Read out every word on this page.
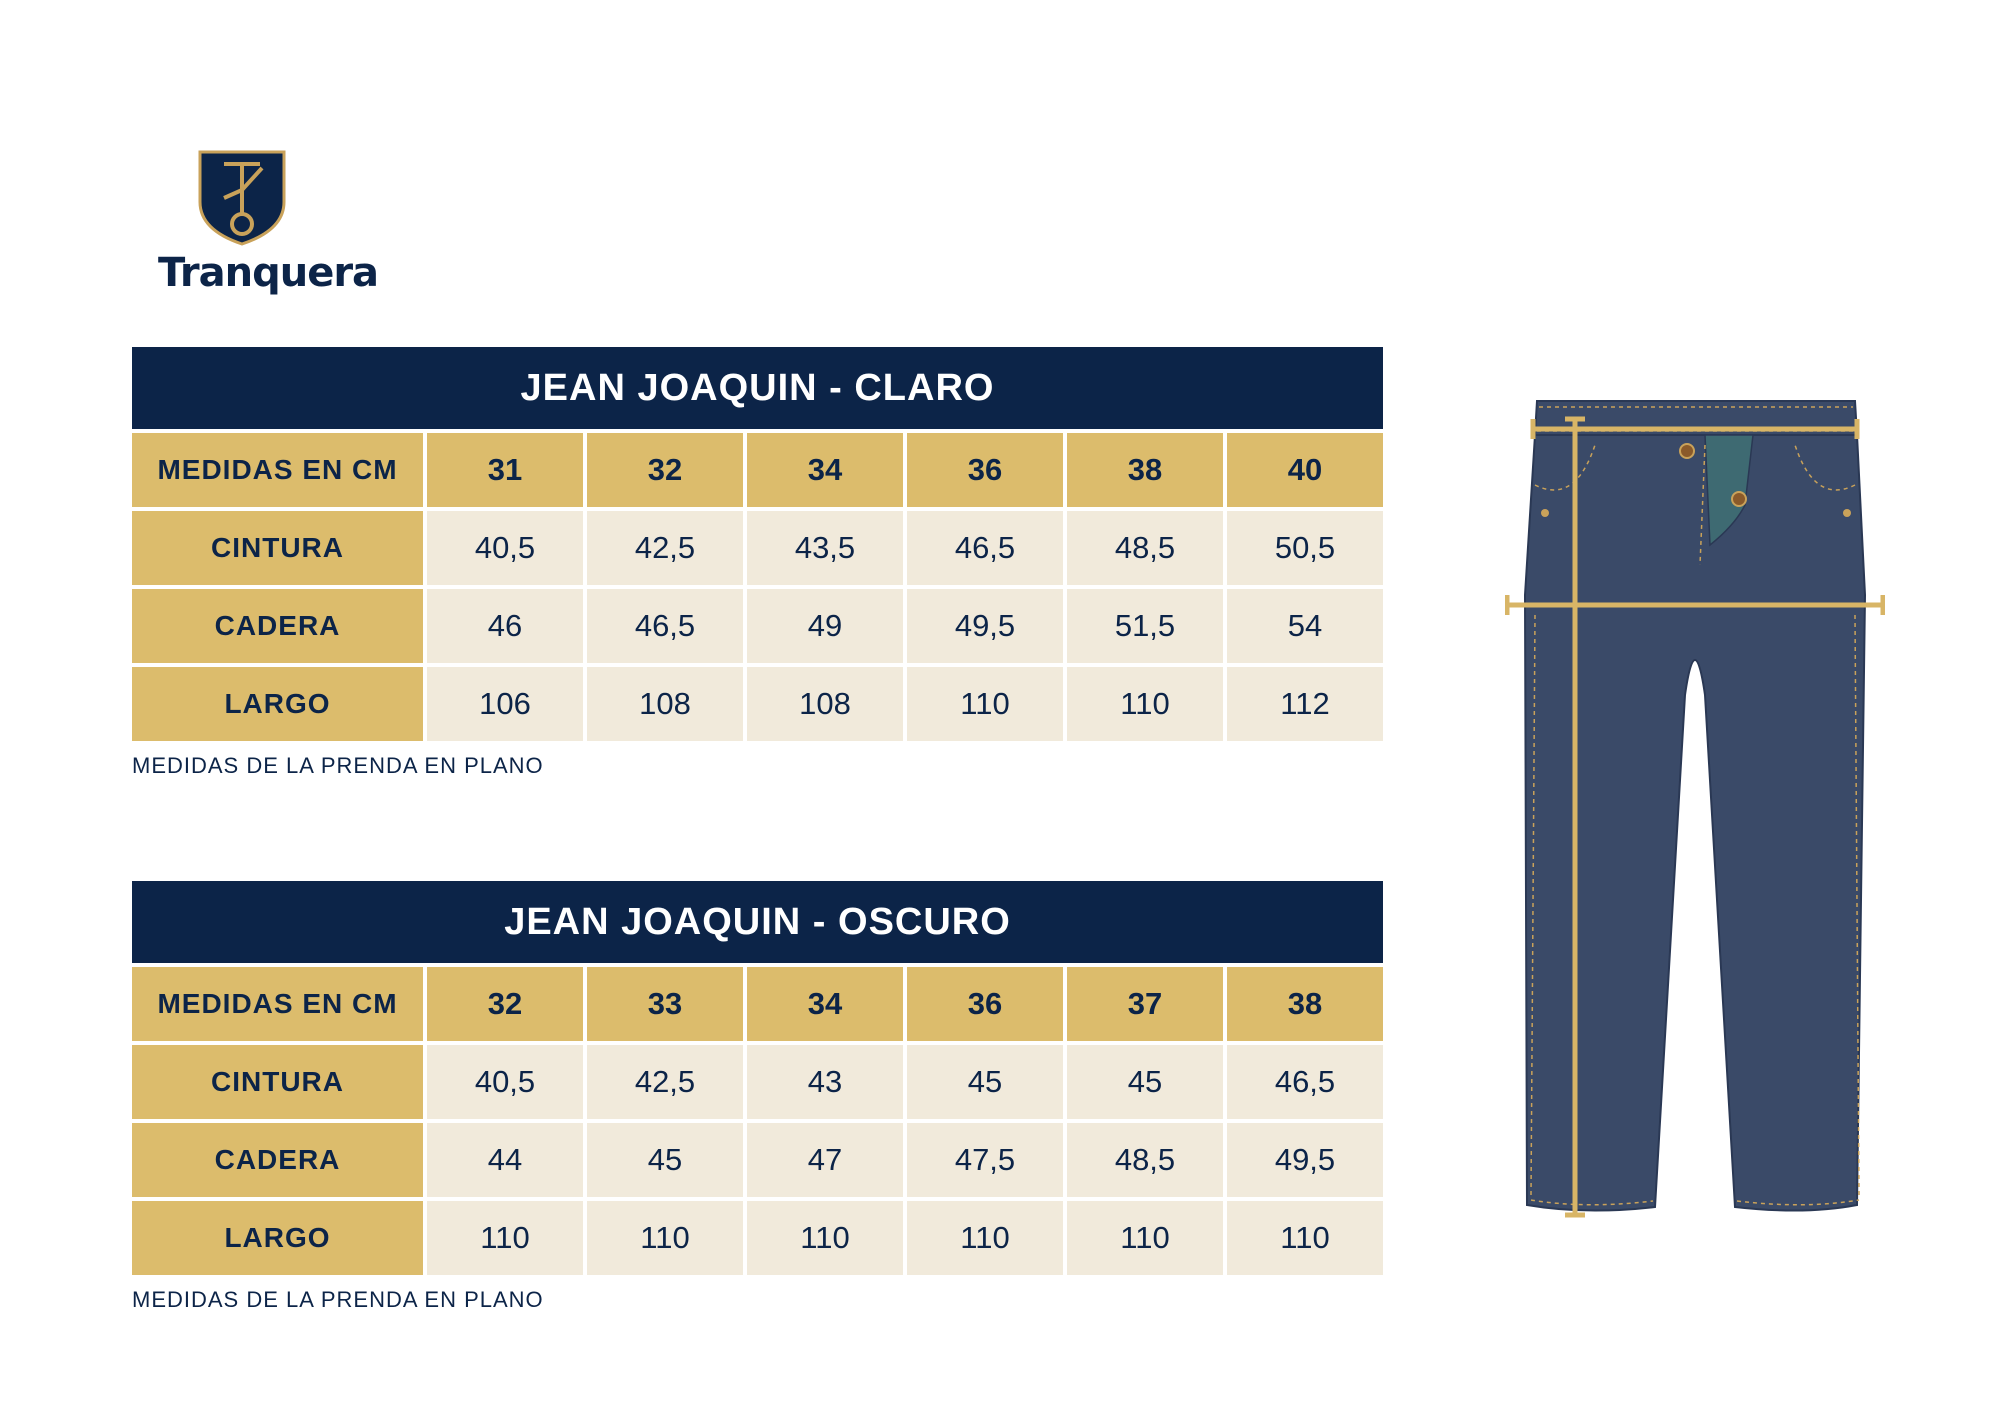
Tranquera
JEAN JOAQUIN - CLARO
MEDIDAS EN CM	31	32	34	36	38	40
CINTURA	40,5	42,5	43,5	46,5	48,5	50,5
CADERA	46	46,5	49	49,5	51,5	54
LARGO	106	108	108	110	110	112
MEDIDAS DE LA PRENDA EN PLANO
JEAN JOAQUIN - OSCURO
MEDIDAS EN CM	32	33	34	36	37	38
CINTURA	40,5	42,5	43	45	45	46,5
CADERA	44	45	47	47,5	48,5	49,5
LARGO	110	110	110	110	110	110
MEDIDAS DE LA PRENDA EN PLANO
